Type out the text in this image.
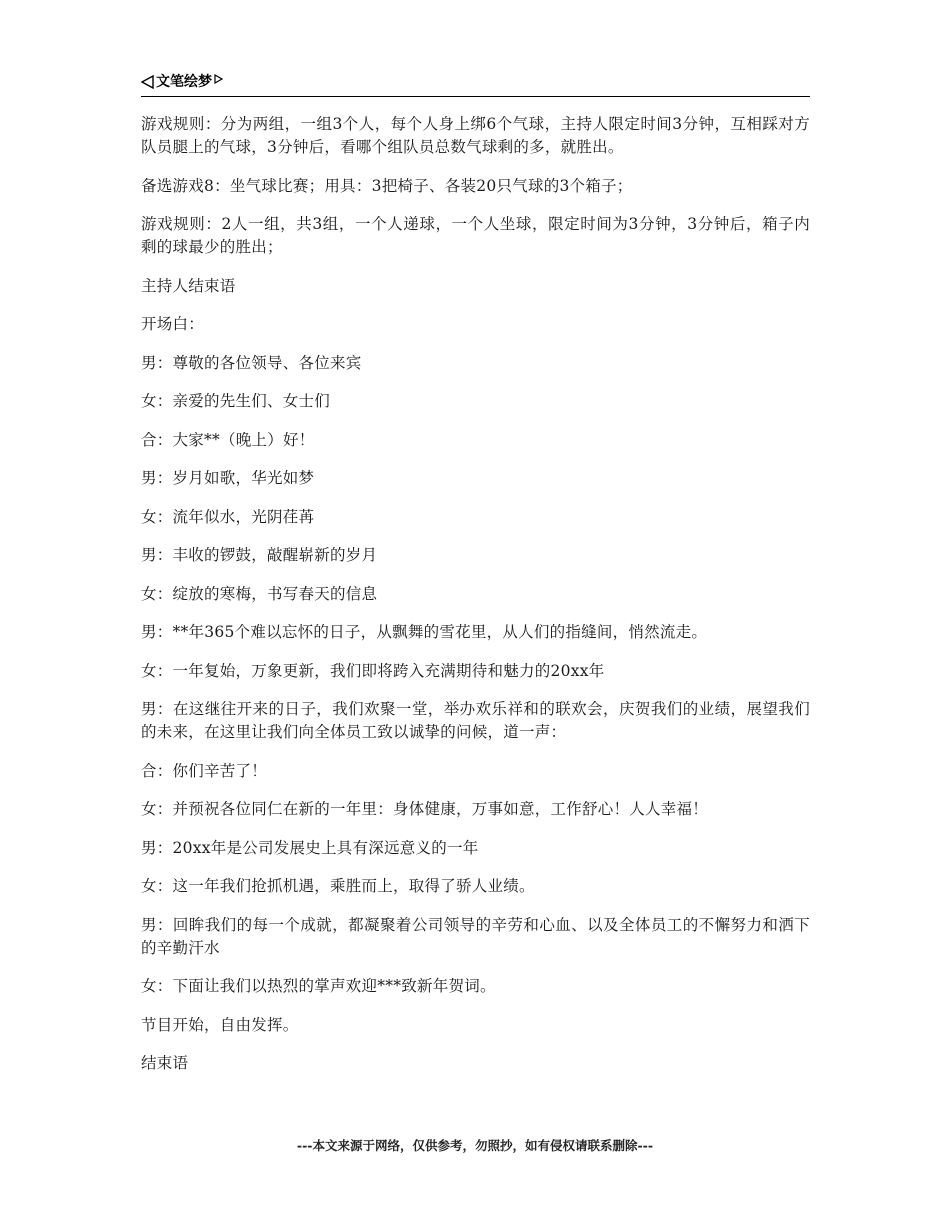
文笔绘梦

游戏规则：分为两组，一组3个人，每个人身上绑6个气球，主持人限定时间3分钟，互相踩对方队员腿上的气球，3分钟后，看哪个组队员总数气球剩的多，就胜出。

备选游戏8：坐气球比赛；用具：3把椅子、各装20只气球的3个箱子；

游戏规则：2人一组，共3组，一个人递球，一个人坐球，限定时间为3分钟，3分钟后，箱子内剩的球最少的胜出；

主持人结束语

开场白：

男：尊敬的各位领导、各位来宾

女：亲爱的先生们、女士们

合：大家**（晚上）好！

男：岁月如歌，华光如梦

女：流年似水，光阴荏苒

男：丰收的锣鼓，敲醒崭新的岁月

女：绽放的寒梅，书写春天的信息

男：**年365个难以忘怀的日子，从飘舞的雪花里，从人们的指缝间，悄然流走。

女：一年复始，万象更新，我们即将跨入充满期待和魅力的20xx年

男：在这继往开来的日子，我们欢聚一堂，举办欢乐祥和的联欢会，庆贺我们的业绩，展望我们的未来，在这里让我们向全体员工致以诚挚的问候，道一声：

合：你们辛苦了！

女：并预祝各位同仁在新的一年里：身体健康，万事如意，工作舒心！人人幸福！

男：20xx年是公司发展史上具有深远意义的一年

女：这一年我们抢抓机遇，乘胜而上，取得了骄人业绩。

男：回眸我们的每一个成就，都凝聚着公司领导的辛劳和心血、以及全体员工的不懈努力和洒下的辛勤汗水

女：下面让我们以热烈的掌声欢迎***致新年贺词。

节目开始，自由发挥。

结束语

---本文来源于网络，仅供参考，勿照抄，如有侵权请联系删除---
